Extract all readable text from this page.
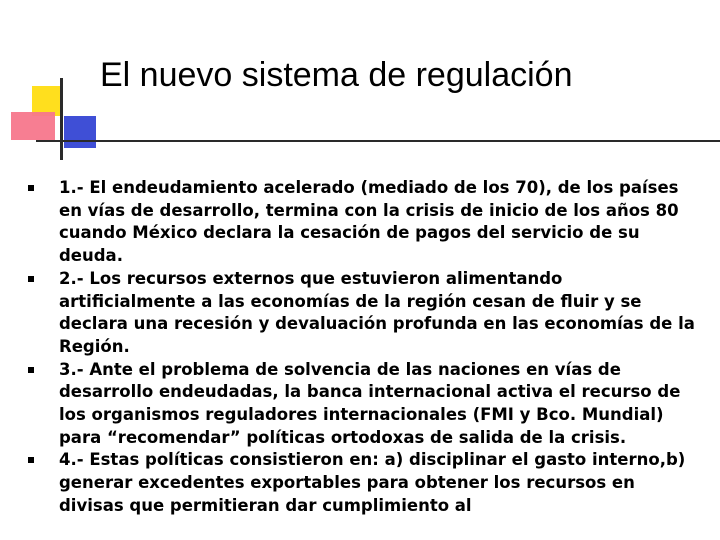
El nuevo sistema de regulación
1.- El endeudamiento acelerado (mediado de los 70), de los países en vías de desarrollo, termina con la crisis de inicio de los años 80 cuando México declara la cesación de pagos del servicio de su deuda.
2.- Los recursos externos que estuvieron alimentando artificialmente a las economías de la región cesan de fluir y se declara una recesión y devaluación profunda en las economías de la Región.
3.- Ante el problema de solvencia de las naciones en vías de desarrollo endeudadas, la banca internacional activa el recurso de los organismos reguladores internacionales (FMI y Bco. Mundial) para “recomendar” políticas ortodoxas de salida de la crisis.
4.- Estas políticas consistieron en: a) disciplinar el gasto interno,b) generar excedentes exportables para obtener los recursos en divisas que permitieran dar cumplimiento al
